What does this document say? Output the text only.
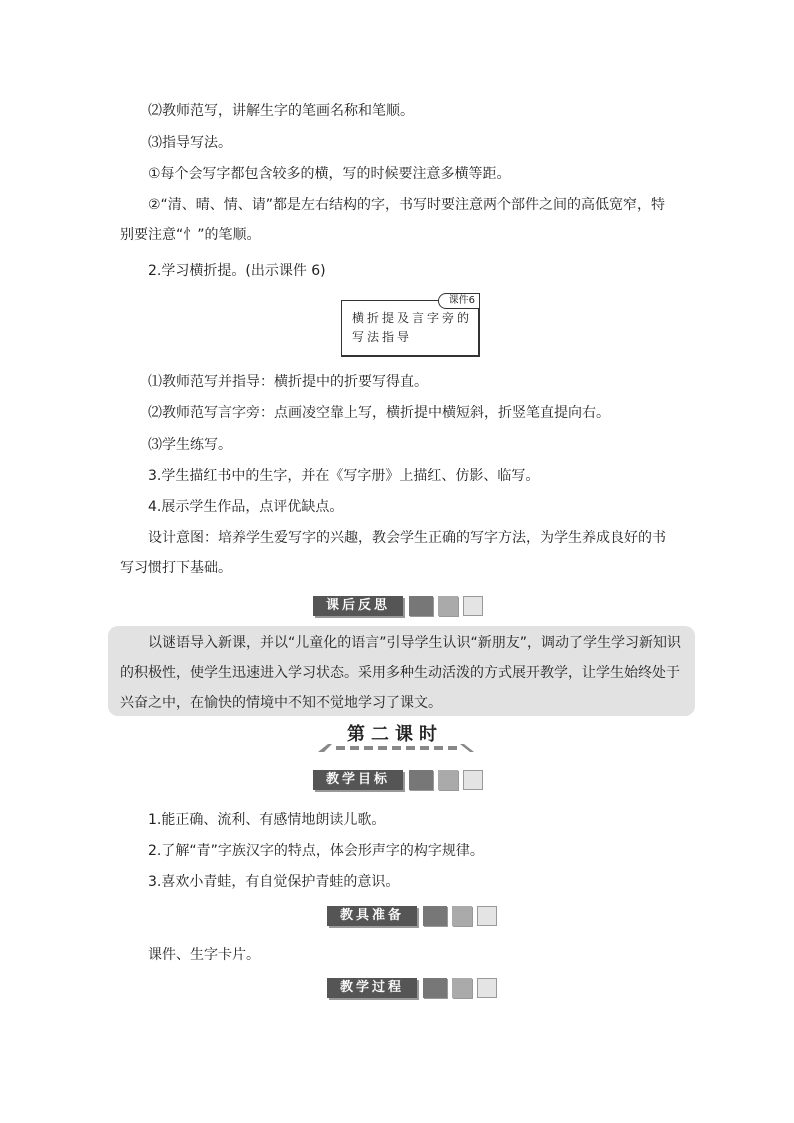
⑵教师范写，讲解生字的笔画名称和笔顺。
⑶指导写法。
①每个会写字都包含较多的横，写的时候要注意多横等距。
②“清、晴、情、请”都是左右结构的字，书写时要注意两个部件之间的高低宽窄，特别要注意“忄”的笔顺。
2.学习横折提。(出示课件 6)
课件6
横折提及言字旁的写法指导
⑴教师范写并指导：横折提中的折要写得直。
⑵教师范写言字旁：点画凌空靠上写，横折提中横短斜，折竖笔直提向右。
⑶学生练写。
3.学生描红书中的生字，并在《写字册》上描红、仿影、临写。
4.展示学生作品，点评优缺点。
设计意图：培养学生爱写字的兴趣，教会学生正确的写字方法，为学生养成良好的书写习惯打下基础。
课后反思
以谜语导入新课，并以“儿童化的语言”引导学生认识“新朋友”，调动了学生学习新知识的积极性，使学生迅速进入学习状态。采用多种生动活泼的方式展开教学，让学生始终处于兴奋之中，在愉快的情境中不知不觉地学习了课文。
第二课时
教学目标
1.能正确、流利、有感情地朗读儿歌。
2.了解“青”字族汉字的特点，体会形声字的构字规律。
3.喜欢小青蛙，有自觉保护青蛙的意识。
教具准备
课件、生字卡片。
教学过程
